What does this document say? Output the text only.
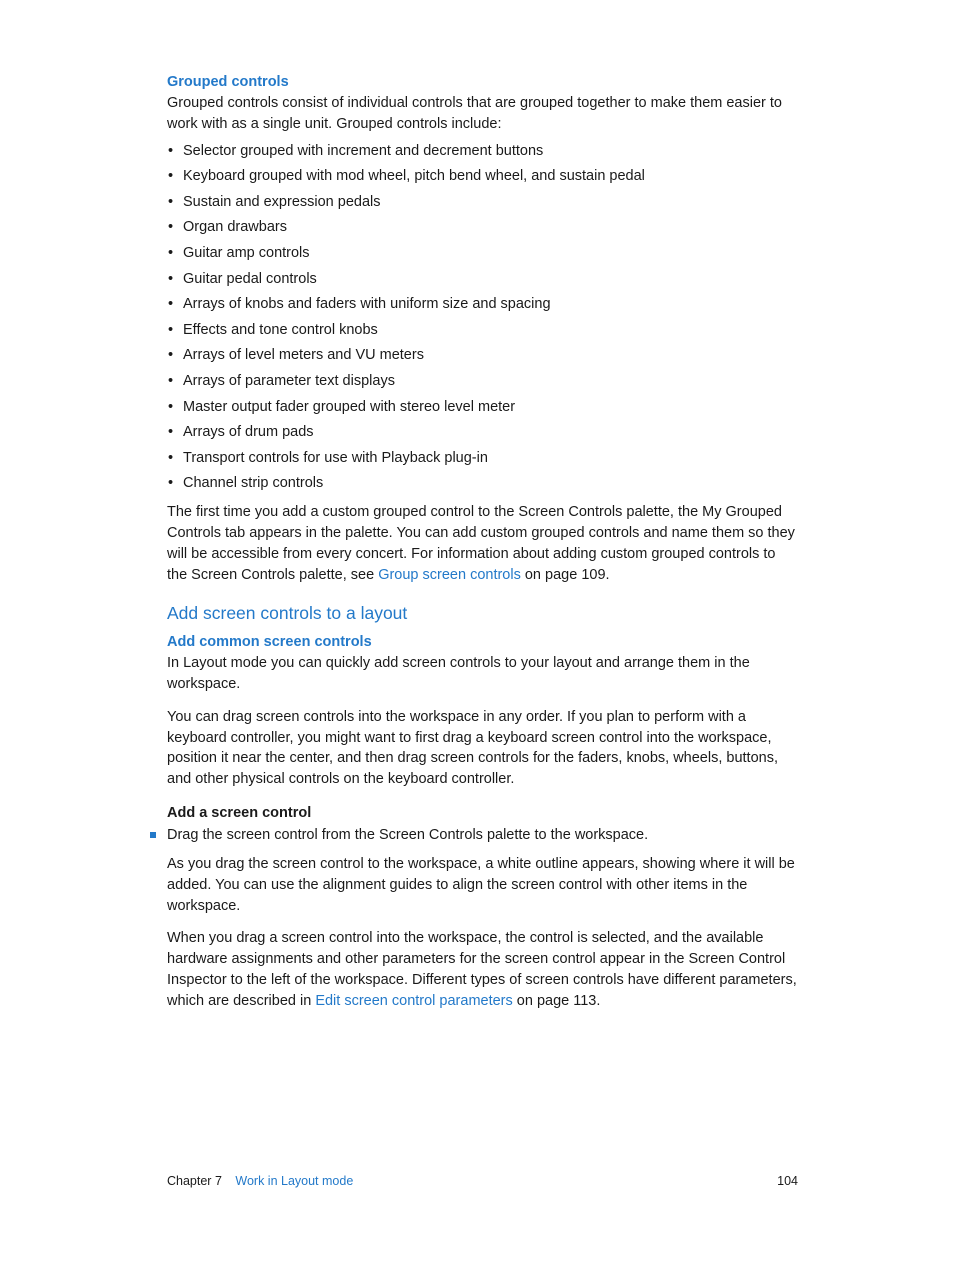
Grouped controls

Grouped controls consist of individual controls that are grouped together to make them easier to work with as a single unit. Grouped controls include:

• Selector grouped with increment and decrement buttons
• Keyboard grouped with mod wheel, pitch bend wheel, and sustain pedal
• Sustain and expression pedals
• Organ drawbars
• Guitar amp controls
• Guitar pedal controls
• Arrays of knobs and faders with uniform size and spacing
• Effects and tone control knobs
• Arrays of level meters and VU meters
• Arrays of parameter text displays
• Master output fader grouped with stereo level meter
• Arrays of drum pads
• Transport controls for use with Playback plug-in
• Channel strip controls

The first time you add a custom grouped control to the Screen Controls palette, the My Grouped Controls tab appears in the palette. You can add custom grouped controls and name them so they will be accessible from every concert. For information about adding custom grouped controls to the Screen Controls palette, see Group screen controls on page 109.

Add screen controls to a layout
Add common screen controls

In Layout mode you can quickly add screen controls to your layout and arrange them in the workspace.

You can drag screen controls into the workspace in any order. If you plan to perform with a keyboard controller, you might want to first drag a keyboard screen control into the workspace, position it near the center, and then drag screen controls for the faders, knobs, wheels, buttons, and other physical controls on the keyboard controller.

Add a screen control

Drag the screen control from the Screen Controls palette to the workspace.

As you drag the screen control to the workspace, a white outline appears, showing where it will be added. You can use the alignment guides to align the screen control with other items in the workspace.

When you drag a screen control into the workspace, the control is selected, and the available hardware assignments and other parameters for the screen control appear in the Screen Control Inspector to the left of the workspace. Different types of screen controls have different parameters, which are described in Edit screen control parameters on page 113.

Chapter 7 Work in Layout mode	104
